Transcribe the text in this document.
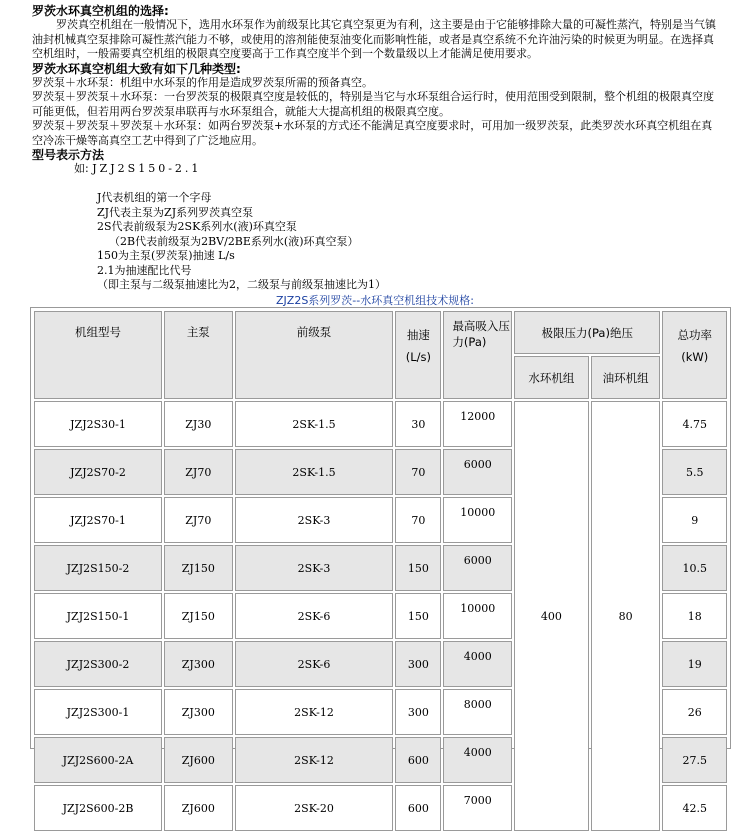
罗茨水环真空机组的选择:

罗茨真空机组在一般情况下，选用水环泵作为前级泵比其它真空泵更为有利，这主要是由于它能够排除大量的可凝性蒸汽，特别是当气镇油封机械真空泵排除可凝性蒸汽能力不够，或使用的溶剂能使泵油变化而影响性能，或者是真空系统不允许油污染的时候更为明显。在选择真空机组时，一般需要真空机组的极限真空度要高于工作真空度半个到一个数量级以上才能满足使用要求。

罗茨水环真空机组大致有如下几种类型:

罗茨泵＋水环泵：机组中水环泵的作用是造成罗茨泵所需的预备真空。

罗茨泵＋罗茨泵＋水环泵：一台罗茨泵的极限真空度是较低的，特别是当它与水环泵组合运行时，使用范围受到限制，整个机组的极限真空度可能更低，但若用两台罗茨泵串联再与水环泵组合，就能大大提高机组的极限真空度。

罗茨泵＋罗茨泵＋罗茨泵＋水环泵：如两台罗茨泵+水环泵的方式还不能满足真空度要求时，可用加一级罗茨泵，此类罗茨水环真空机组在真空冷冻干燥等高真空工艺中得到了广泛地应用。

型号表示方法
如: JZJ2S150-2.1
J代表机组的第一个字母
ZJ代表主泵为ZJ系列罗茨真空泵
2S代表前级泵为2SK系列水(液)环真空泵
（2B代表前级泵为2BV/2BE系列水(液)环真空泵）
150为主泵(罗茨泵)抽速 L/s
2.1为抽速配比代号
（即主泵与二级泵抽速比为2，二级泵与前级泵抽速比为1）
ZJZ2S系列罗茨--水环真空机组技术规格:
机组型号	主泵	前级泵	抽速
(L/s)	最高吸入压力(Pa)	极限压力(Pa)绝压		总功率
(kW)
					水环机组	油环机组	
JZJ2S30-1	ZJ30	2SK-1.5	30	12000	400	80	4.75
JZJ2S70-2	ZJ70	2SK-1.5	70	6000			5.5
JZJ2S70-1	ZJ70	2SK-3	70	10000			9
JZJ2S150-2	ZJ150	2SK-3	150	6000			10.5
JZJ2S150-1	ZJ150	2SK-6	150	10000			18
JZJ2S300-2	ZJ300	2SK-6	300	4000			19
JZJ2S300-1	ZJ300	2SK-12	300	8000			26
JZJ2S600-2A	ZJ600	2SK-12	600	4000			27.5
JZJ2S600-2B	ZJ600	2SK-20	600	7000			42.5
